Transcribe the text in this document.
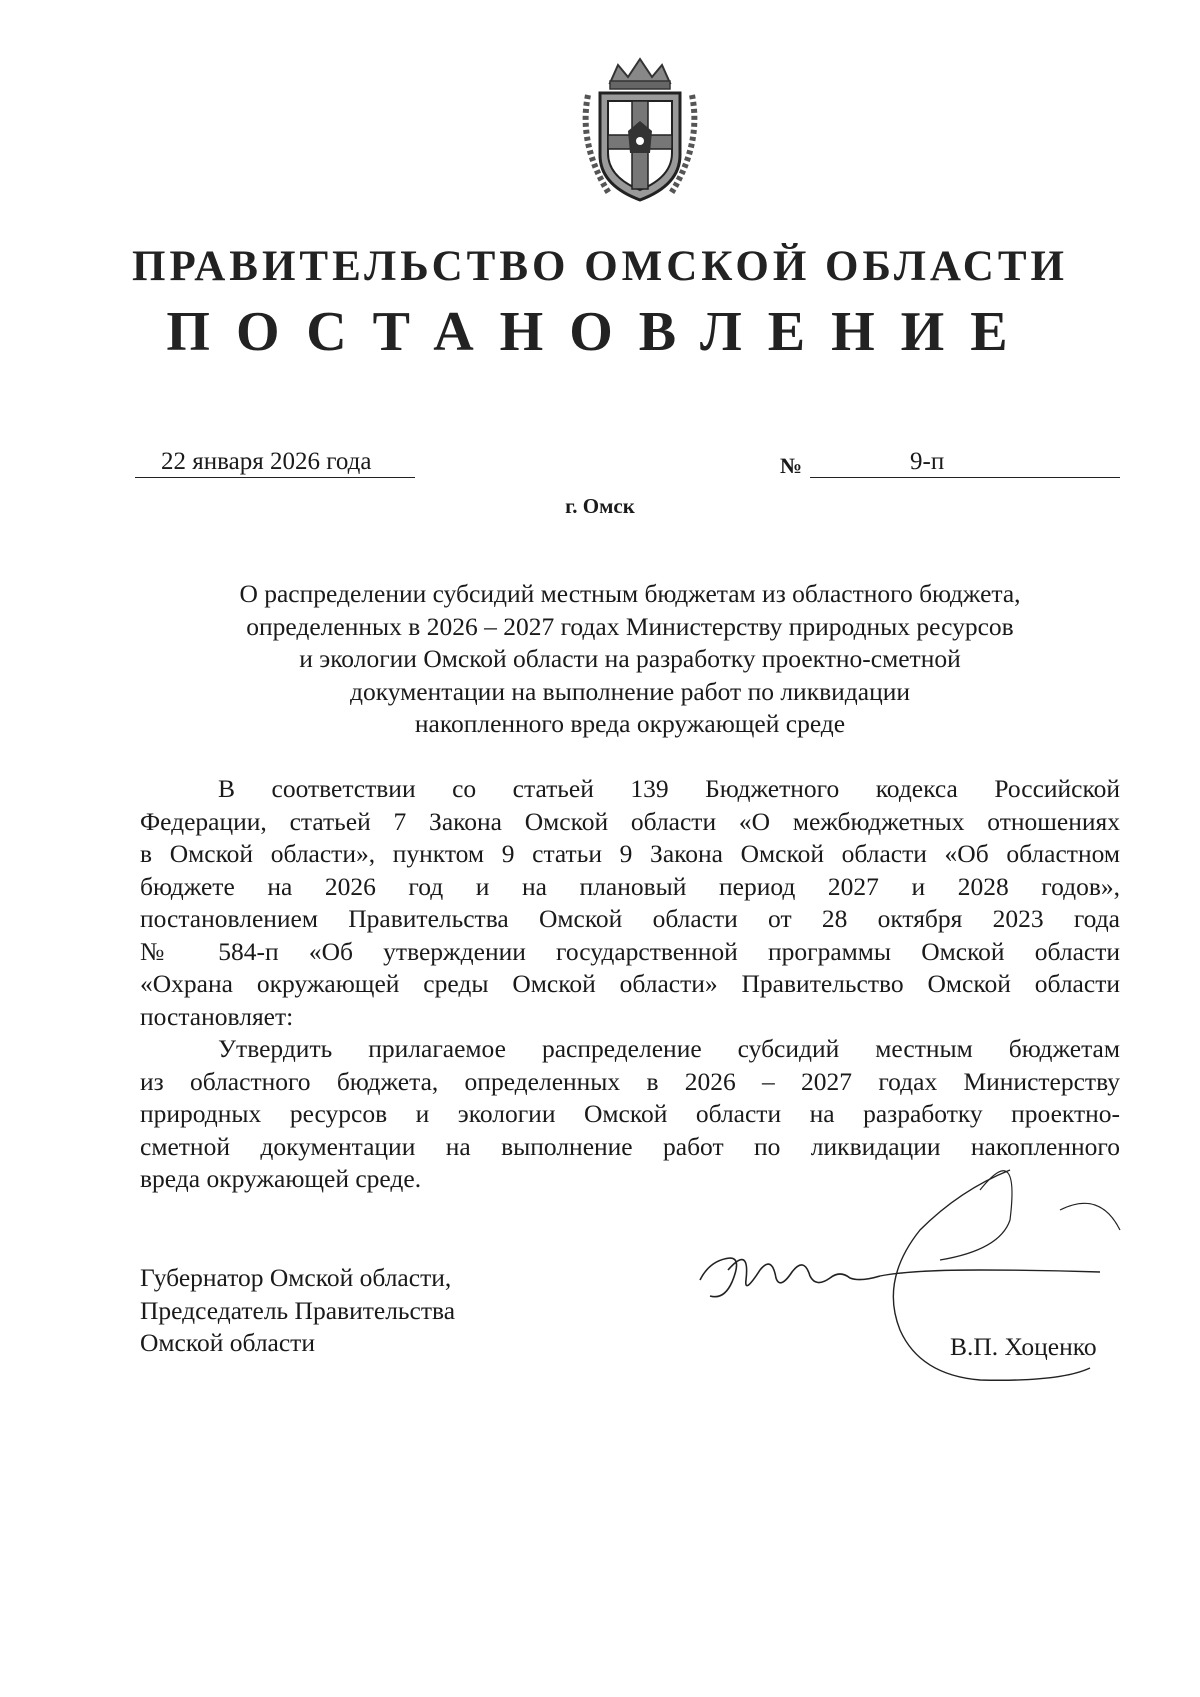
ПРАВИТЕЛЬСТВО ОМСКОЙ ОБЛАСТИ
ПОСТАНОВЛЕНИЕ
22 января 2026 года	№	9-п
г. Омск
О распределении субсидий местным бюджетам из областного бюджета,
определенных в 2026 – 2027 годах Министерству природных ресурсов
и экологии Омской области на разработку проектно-сметной
документации на выполнение работ по ликвидации
накопленного вреда окружающей среде
В соответствии со статьей 139 Бюджетного кодекса Российской
Федерации, статьей 7 Закона Омской области «О межбюджетных отношениях
в Омской области», пунктом 9 статьи 9 Закона Омской области «Об областном
бюджете на 2026 год и на плановый период 2027 и 2028 годов»,
постановлением Правительства Омской области от 28 октября 2023 года
№ 584-п «Об утверждении государственной программы Омской области
«Охрана окружающей среды Омской области» Правительство Омской области
постановляет:
Утвердить прилагаемое распределение субсидий местным бюджетам
из областного бюджета, определенных в 2026 – 2027 годах Министерству
природных ресурсов и экологии Омской области на разработку проектно-
сметной документации на выполнение работ по ликвидации накопленного
вреда окружающей среде.
Губернатор Омской области,
Председатель Правительства
Омской области	В.П. Хоценко
